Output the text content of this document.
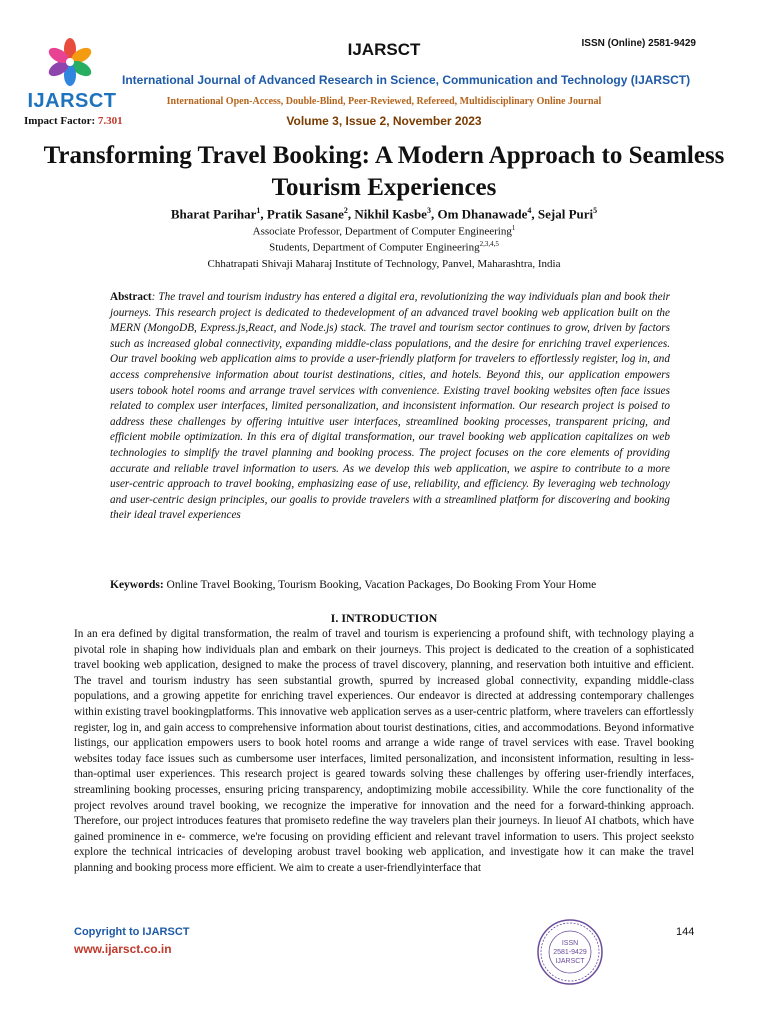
IJARSCT
Impact Factor: 7.301
IJARSCT	ISSN (Online) 2581-9429
International Journal of Advanced Research in Science, Communication and Technology (IJARSCT)
International Open-Access, Double-Blind, Peer-Reviewed, Refereed, Multidisciplinary Online Journal
Volume 3, Issue 2, November 2023
Transforming Travel Booking: A Modern Approach to Seamless Tourism Experiences
Bharat Parihar$^1$, Pratik Sasane$^2$, Nikhil Kasbe$^3$, Om Dhanawade$^4$, Sejal Puri$^5$
Associate Professor, Department of Computer Engineering$^1$
Students, Department of Computer Engineering$^{2,3,4,5}$
Chhatrapati Shivaji Maharaj Institute of Technology, Panvel, Maharashtra, India
Abstract: The travel and tourism industry has entered a digital era, revolutionizing the way individuals plan and book their journeys. This research project is dedicated to thedevelopment of an advanced travel booking web application built on the MERN (MongoDB, Express.js,React, and Node.js) stack. The travel and tourism sector continues to grow, driven by factors such as increased global connectivity, expanding middle-class populations, and the desire for enriching travel experiences. Our travel booking web application aims to provide a user-friendly platform for travelers to effortlessly register, log in, and access comprehensive information about tourist destinations, cities, and hotels. Beyond this, our application empowers users tobook hotel rooms and arrange travel services with convenience. Existing travel booking websites often face issues related to complex user interfaces, limited personalization, and inconsistent information. Our research project is poised to address these challenges by offering intuitive user interfaces, streamlined booking processes, transparent pricing, and efficient mobile optimization. In this era of digital transformation, our travel booking web application capitalizes on web technologies to simplify the travel planning and booking process. The project focuses on the core elements of providing accurate and reliable travel information to users. As we develop this web application, we aspire to contribute to a more user-centric approach to travel booking, emphasizing ease of use, reliability, and efficiency. By leveraging web technology and user-centric design principles, our goalis to provide travelers with a streamlined platform for discovering and booking their ideal travel experiences
Keywords: Online Travel Booking, Tourism Booking, Vacation Packages, Do Booking From Your Home
I. INTRODUCTION
In an era defined by digital transformation, the realm of travel and tourism is experiencing a profound shift, with technology playing a pivotal role in shaping how individuals plan and embark on their journeys. This project is dedicated to the creation of a sophisticated travel booking web application, designed to make the process of travel discovery, planning, and reservation both intuitive and efficient. The travel and tourism industry has seen substantial growth, spurred by increased global connectivity, expanding middle-class populations, and a growing appetite for enriching travel experiences. Our endeavor is directed at addressing contemporary challenges within existing travel bookingplatforms. This innovative web application serves as a user-centric platform, where travelers can effortlessly register, log in, and gain access to comprehensive information about tourist destinations, cities, and accommodations. Beyond informative listings, our application empowers users to book hotel rooms and arrange a wide range of travel services with ease. Travel booking websites today face issues such as cumbersome user interfaces, limited personalization, and inconsistent information, resulting in less-than-optimal user experiences. This research project is geared towards solving these challenges by offering user-friendly interfaces, streamlining booking processes, ensuring pricing transparency, andoptimizing mobile accessibility. While the core functionality of the project revolves around travel booking, we recognize the imperative for innovation and the need for a forward-thinking approach. Therefore, our project introduces features that promiseto redefine the way travelers plan their journeys. In lieuof AI chatbots, which have gained prominence in e- commerce, we're focusing on providing efficient and relevant travel information to users. This project seeksto explore the technical intricacies of developing arobust travel booking web application, and investigate how it can make the travel planning and booking process more efficient. We aim to create a user-friendlyinterface that
Copyright to IJARSCT
www.ijarsct.co.in
144
ISSN
2581-9429
IJARSCT
